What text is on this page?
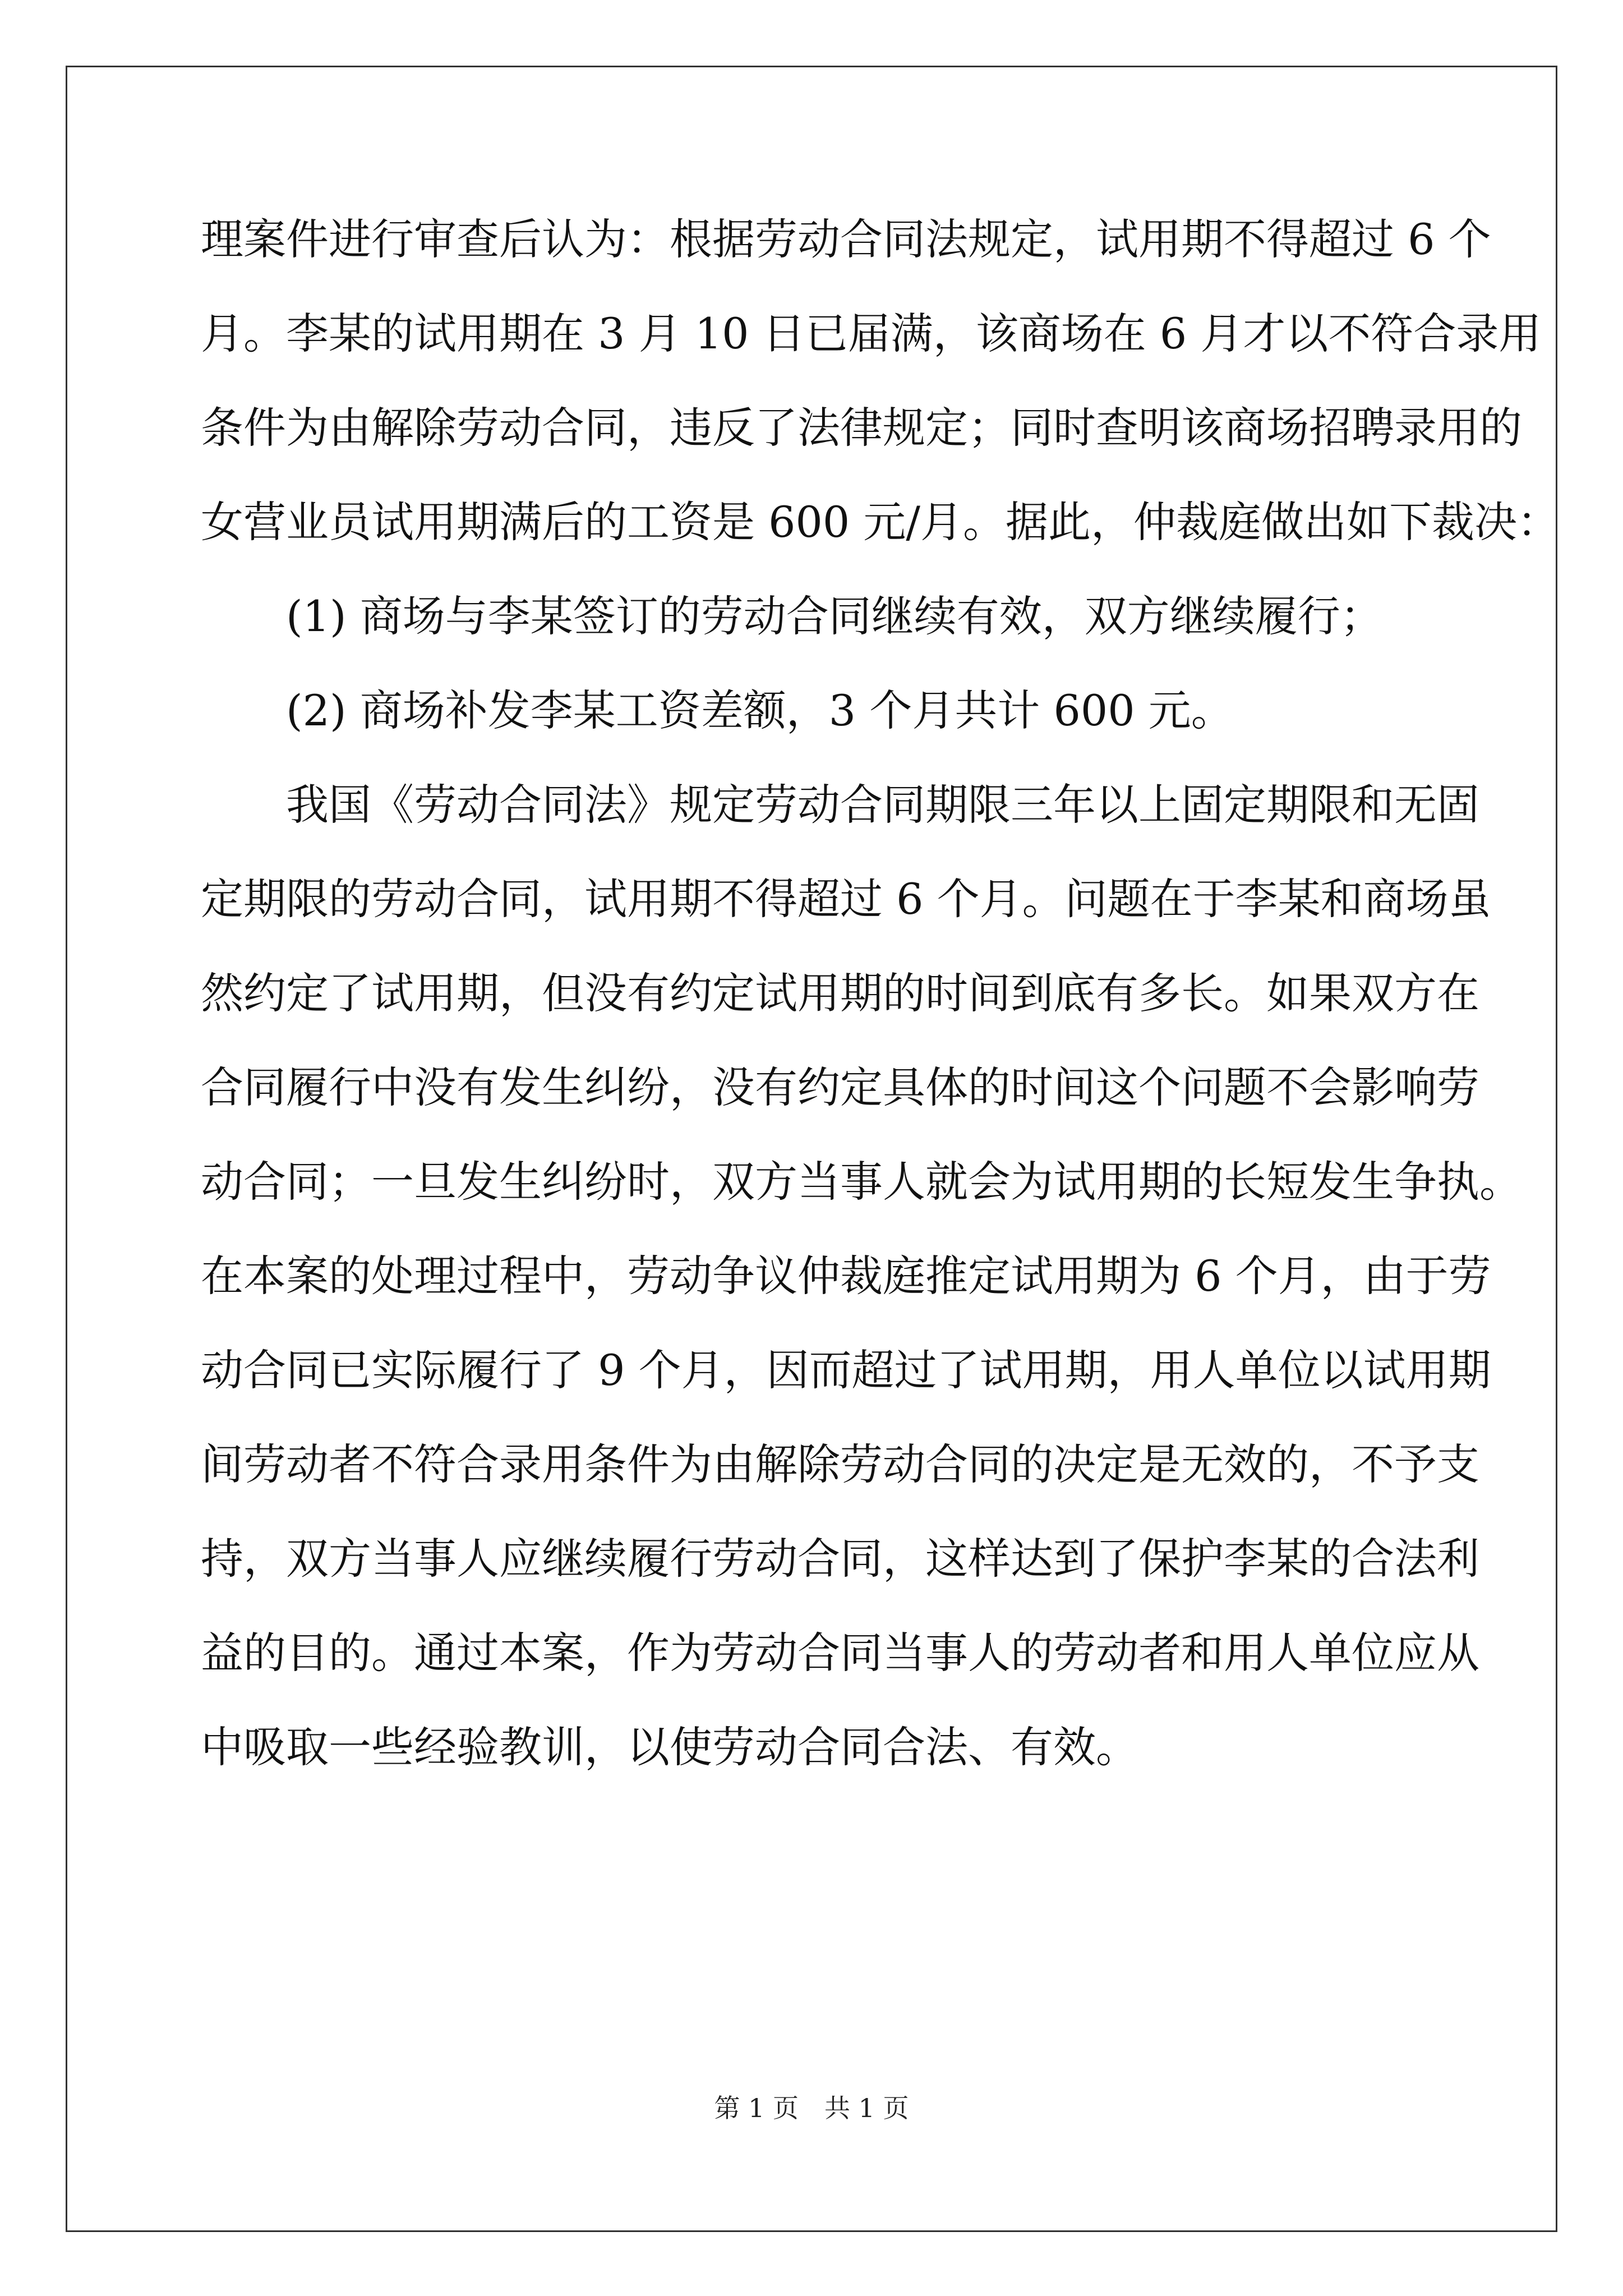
理案件进行审查后认为：根据劳动合同法规定，试用期不得超过 6 个
月。李某的试用期在 3 月 10 日已届满，该商场在 6 月才以不符合录用
条件为由解除劳动合同，违反了法律规定；同时查明该商场招聘录用的
女营业员试用期满后的工资是 600 元/月。据此，仲裁庭做出如下裁决：
(1) 商场与李某签订的劳动合同继续有效，双方继续履行；
(2) 商场补发李某工资差额，3 个月共计 600 元。
我国《劳动合同法》规定劳动合同期限三年以上固定期限和无固
定期限的劳动合同，试用期不得超过 6 个月。问题在于李某和商场虽
然约定了试用期，但没有约定试用期的时间到底有多长。如果双方在
合同履行中没有发生纠纷，没有约定具体的时间这个问题不会影响劳
动合同；一旦发生纠纷时，双方当事人就会为试用期的长短发生争执。
在本案的处理过程中，劳动争议仲裁庭推定试用期为 6 个月，由于劳
动合同已实际履行了 9 个月，因而超过了试用期，用人单位以试用期
间劳动者不符合录用条件为由解除劳动合同的决定是无效的，不予支
持，双方当事人应继续履行劳动合同，这样达到了保护李某的合法利
益的目的。通过本案，作为劳动合同当事人的劳动者和用人单位应从
中吸取一些经验教训，以使劳动合同合法、有效。
第 1 页 共 1 页
